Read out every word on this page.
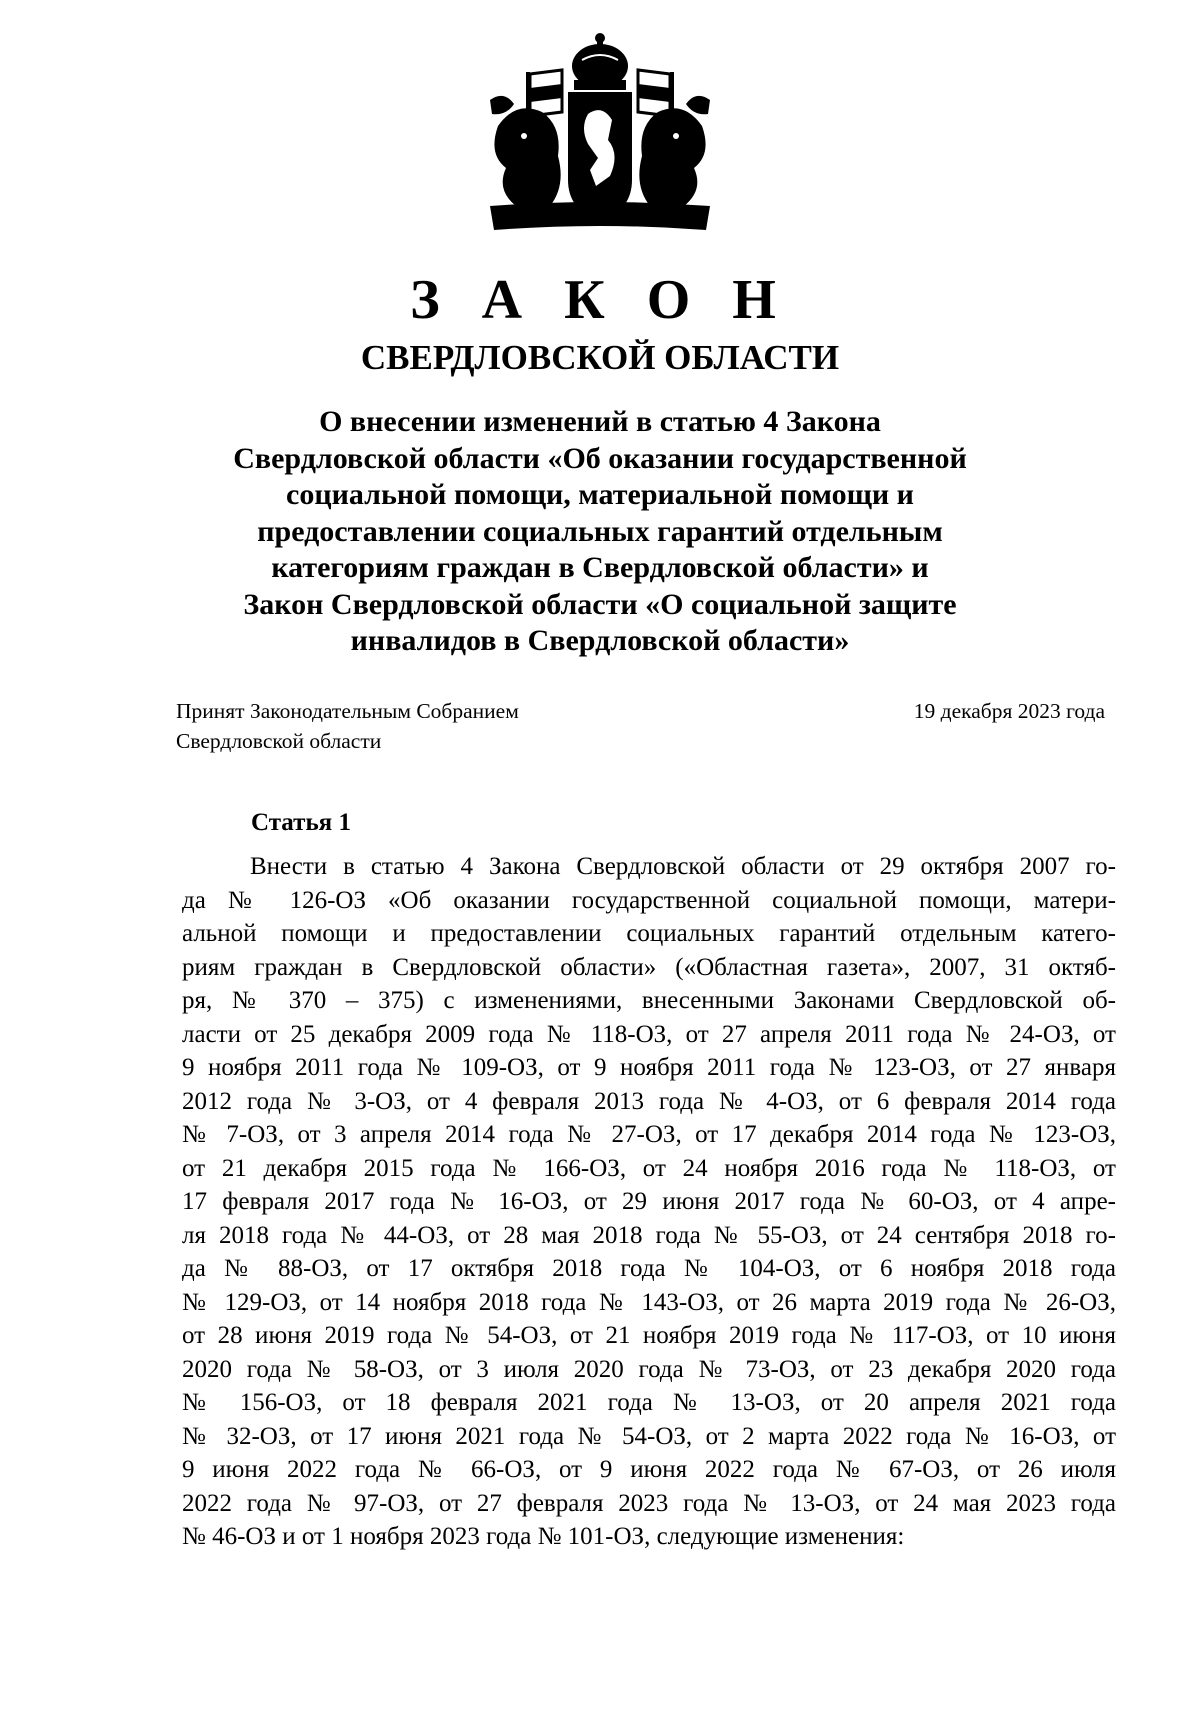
З А К О Н
СВЕРДЛОВСКОЙ ОБЛАСТИ
О внесении изменений в статью 4 Закона
Свердловской области «Об оказании государственной
социальной помощи, материальной помощи и
предоставлении социальных гарантий отдельным
категориям граждан в Свердловской области» и
Закон Свердловской области «О социальной защите
инвалидов в Свердловской области»
Принят Законодательным Собранием
Свердловской области
19 декабря 2023 года
Статья 1
Внести в статью 4 Закона Свердловской области от 29 октября 2007 го-
да № 126-ОЗ «Об оказании государственной социальной помощи, матери-
альной помощи и предоставлении социальных гарантий отдельным катего-
риям граждан в Свердловской области» («Областная газета», 2007, 31 октяб-
ря, № 370 – 375) с изменениями, внесенными Законами Свердловской об-
ласти от 25 декабря 2009 года № 118-ОЗ, от 27 апреля 2011 года № 24-ОЗ, от
9 ноября 2011 года № 109-ОЗ, от 9 ноября 2011 года № 123-ОЗ, от 27 января
2012 года № 3-ОЗ, от 4 февраля 2013 года № 4-ОЗ, от 6 февраля 2014 года
№ 7-ОЗ, от 3 апреля 2014 года № 27-ОЗ, от 17 декабря 2014 года № 123-ОЗ,
от 21 декабря 2015 года № 166-ОЗ, от 24 ноября 2016 года № 118-ОЗ, от
17 февраля 2017 года № 16-ОЗ, от 29 июня 2017 года № 60-ОЗ, от 4 апре-
ля 2018 года № 44-ОЗ, от 28 мая 2018 года № 55-ОЗ, от 24 сентября 2018 го-
да № 88-ОЗ, от 17 октября 2018 года № 104-ОЗ, от 6 ноября 2018 года
№ 129-ОЗ, от 14 ноября 2018 года № 143-ОЗ, от 26 марта 2019 года № 26-ОЗ,
от 28 июня 2019 года № 54-ОЗ, от 21 ноября 2019 года № 117-ОЗ, от 10 июня
2020 года № 58-ОЗ, от 3 июля 2020 года № 73-ОЗ, от 23 декабря 2020 года
№ 156-ОЗ, от 18 февраля 2021 года № 13-ОЗ, от 20 апреля 2021 года
№ 32-ОЗ, от 17 июня 2021 года № 54-ОЗ, от 2 марта 2022 года № 16-ОЗ, от
9 июня 2022 года № 66-ОЗ, от 9 июня 2022 года № 67-ОЗ, от 26 июля
2022 года № 97-ОЗ, от 27 февраля 2023 года № 13-ОЗ, от 24 мая 2023 года
№ 46-ОЗ и от 1 ноября 2023 года № 101-ОЗ, следующие изменения:
